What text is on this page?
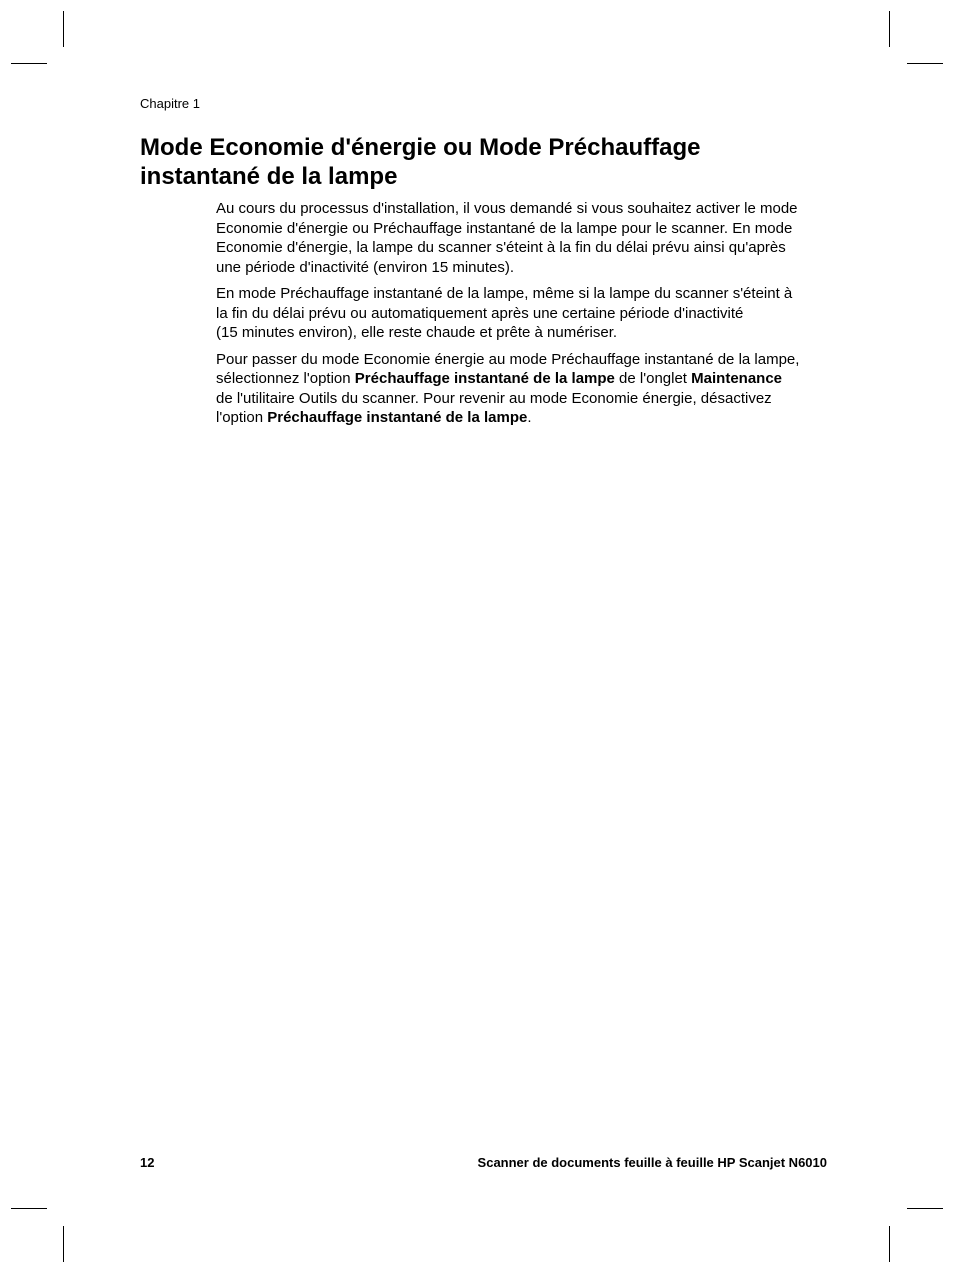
Chapitre 1
Mode Economie d'énergie ou Mode Préchauffage
instantané de la lampe

Au cours du processus d'installation, il vous demandé si vous souhaitez activer le mode
Economie d'énergie ou Préchauffage instantané de la lampe pour le scanner. En mode
Economie d'énergie, la lampe du scanner s'éteint à la fin du délai prévu ainsi qu'après
une période d'inactivité (environ 15 minutes).

En mode Préchauffage instantané de la lampe, même si la lampe du scanner s'éteint à
la fin du délai prévu ou automatiquement après une certaine période d'inactivité
(15 minutes environ), elle reste chaude et prête à numériser.

Pour passer du mode Economie énergie au mode Préchauffage instantané de la lampe,
sélectionnez l'option Préchauffage instantané de la lampe de l'onglet Maintenance
de l'utilitaire Outils du scanner. Pour revenir au mode Economie énergie, désactivez
l'option Préchauffage instantané de la lampe.

12	Scanner de documents feuille à feuille HP Scanjet N6010
